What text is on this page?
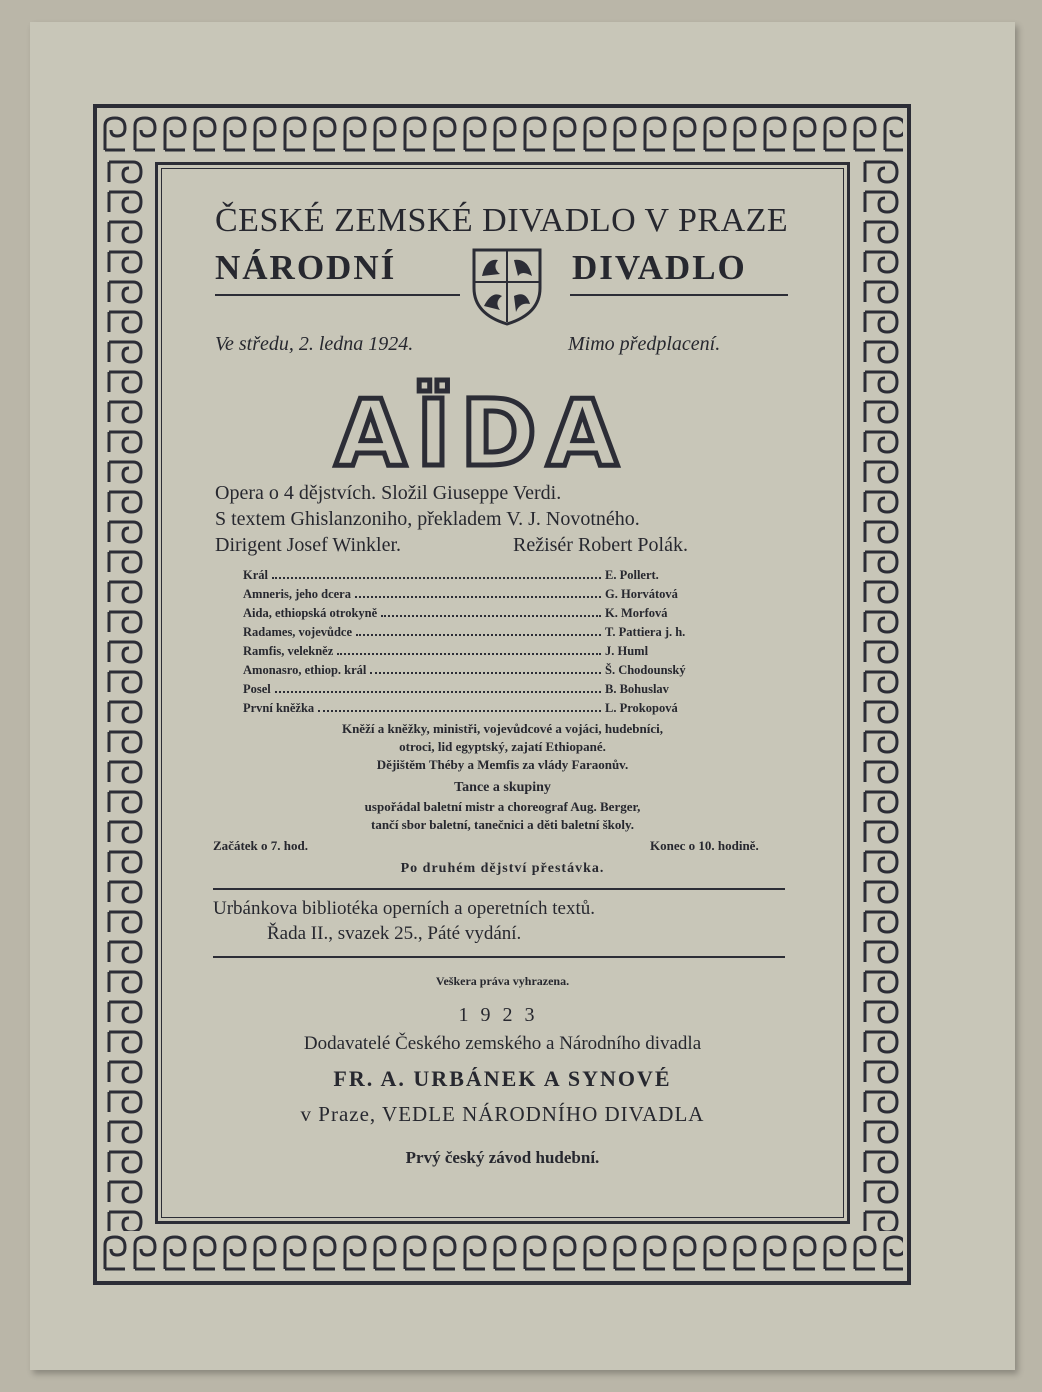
ČESKÉ ZEMSKÉ DIVADLO V PRAZE
NÁRODNÍ	DIVADLO
Ve středu, 2. ledna 1924.	Mimo předplacení.
AÏDA
Opera o 4 dějstvích. Složil Giuseppe Verdi.
S textem Ghislanzoniho, překladem V. J. Novotného.
Dirigent Josef Winkler.	Režisér Robert Polák.
Král	E. Pollert.
Amneris, jeho dcera	G. Horvátová
Aida, ethiopská otrokyně	K. Morfová
Radames, vojevůdce	T. Pattiera j. h.
Ramfis, velekněz	J. Huml
Amonasro, ethiop. král	Š. Chodounský
Posel	B. Bohuslav
První kněžka	L. Prokopová
Kněží a kněžky, ministři, vojevůdcové a vojáci, hudebníci,
otroci, lid egyptský, zajatí Ethiopané.
Dějištěm Théby a Memfis za vlády Faraonův.
Tance a skupiny
uspořádal baletní mistr a choreograf Aug. Berger,
tančí sbor baletní, tanečnici a děti baletní školy.
Začátek o 7. hod.	Konec o 10. hodině.
Po druhém dějství přestávka.
Urbánkova bibliotéka operních a operetních textů.
Řada II., svazek 25., Páté vydání.
Veškera práva vyhrazena.
1923
Dodavatelé Českého zemského a Národního divadla
FR. A. URBÁNEK A SYNOVÉ
v Praze, VEDLE NÁRODNÍHO DIVADLA
Prvý český závod hudební.
